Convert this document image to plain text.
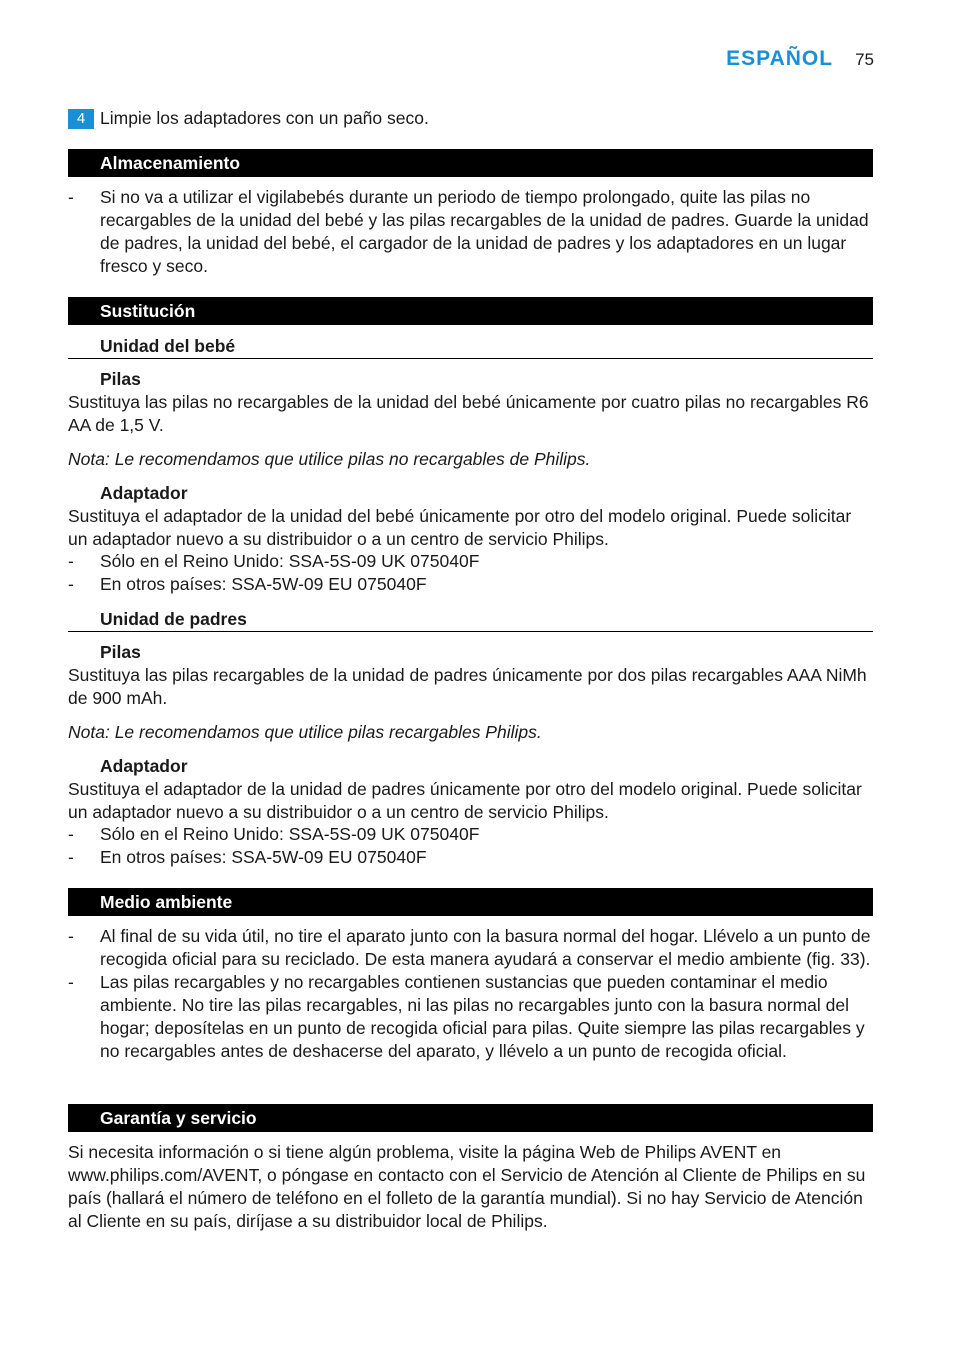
ESPAÑOL 75
4 Limpie los adaptadores con un paño seco.
Almacenamiento
- Si no va a utilizar el vigilabebés durante un periodo de tiempo prolongado, quite las pilas no recargables de la unidad del bebé y las pilas recargables de la unidad de padres. Guarde la unidad de padres, la unidad del bebé, el cargador de la unidad de padres y los adaptadores en un lugar fresco y seco.
Sustitución
Unidad del bebé
Pilas
Sustituya las pilas no recargables de la unidad del bebé únicamente por cuatro pilas no recargables R6 AA de 1,5 V.
Nota: Le recomendamos que utilice pilas no recargables de Philips.
Adaptador
Sustituya el adaptador de la unidad del bebé únicamente por otro del modelo original. Puede solicitar un adaptador nuevo a su distribuidor o a un centro de servicio Philips.
- Sólo en el Reino Unido: SSA-5S-09 UK 075040F
- En otros países: SSA-5W-09 EU 075040F
Unidad de padres
Pilas
Sustituya las pilas recargables de la unidad de padres únicamente por dos pilas recargables AAA NiMh de 900 mAh.
Nota: Le recomendamos que utilice pilas recargables Philips.
Adaptador
Sustituya el adaptador de la unidad de padres únicamente por otro del modelo original. Puede solicitar un adaptador nuevo a su distribuidor o a un centro de servicio Philips.
- Sólo en el Reino Unido: SSA-5S-09 UK 075040F
- En otros países: SSA-5W-09 EU 075040F
Medio ambiente
- Al final de su vida útil, no tire el aparato junto con la basura normal del hogar. Llévelo a un punto de recogida oficial para su reciclado. De esta manera ayudará a conservar el medio ambiente (fig. 33).
- Las pilas recargables y no recargables contienen sustancias que pueden contaminar el medio ambiente. No tire las pilas recargables, ni las pilas no recargables junto con la basura normal del hogar; deposítelas en un punto de recogida oficial para pilas. Quite siempre las pilas recargables y no recargables antes de deshacerse del aparato, y llévelo a un punto de recogida oficial.
Garantía y servicio
Si necesita información o si tiene algún problema, visite la página Web de Philips AVENT en www.philips.com/AVENT, o póngase en contacto con el Servicio de Atención al Cliente de Philips en su país (hallará el número de teléfono en el folleto de la garantía mundial). Si no hay Servicio de Atención al Cliente en su país, diríjase a su distribuidor local de Philips.
